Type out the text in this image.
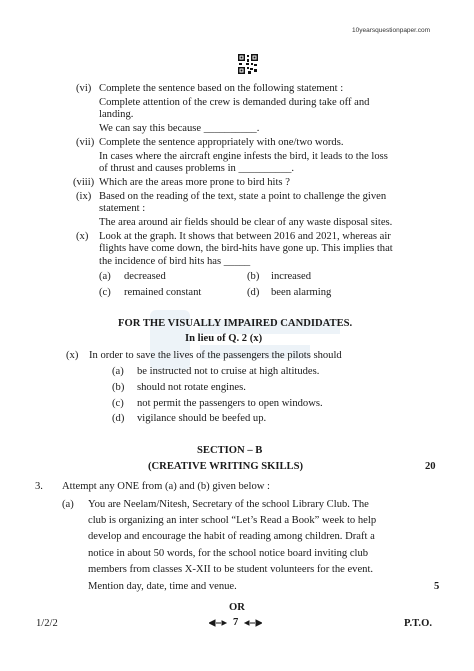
10yearsquestionpaper.com
(vi) Complete the sentence based on the following statement :
Complete attention of the crew is demanded during take off and
landing.
We can say this because __________.
(vii) Complete the sentence appropriately with one/two words.
In cases where the aircraft engine infests the bird, it leads to the loss
of thrust and causes problems in __________.
(viii) Which are the areas more prone to bird hits ?
(ix) Based on the reading of the text, state a point to challenge the given
statement :
The area around air fields should be clear of any waste disposal sites.
(x) Look at the graph. It shows that between 2016 and 2021, whereas air
flights have come down, the bird-hits have gone up. This implies that
the incidence of bird hits has _____
(a) decreased	(b) increased
(c) remained constant	(d) been alarming
FOR THE VISUALLY IMPAIRED CANDIDATES.
In lieu of Q. 2 (x)
(x) In order to save the lives of the passengers the pilots should
(a) be instructed not to cruise at high altitudes.
(b) should not rotate engines.
(c) not permit the passengers to open windows.
(d) vigilance should be beefed up.
SECTION – B
(CREATIVE WRITING SKILLS)	20
3. Attempt any ONE from (a) and (b) given below :
(a) You are Neelam/Nitesh, Secretary of the school Library Club. The
club is organizing an inter school “Let’s Read a Book” week to help
develop and encourage the habit of reading among children. Draft a
notice in about 50 words, for the school notice board inviting club
members from classes X-XII to be student volunteers for the event.
Mention day, date, time and venue.	5
OR
1/2/2	7	P.T.O.
